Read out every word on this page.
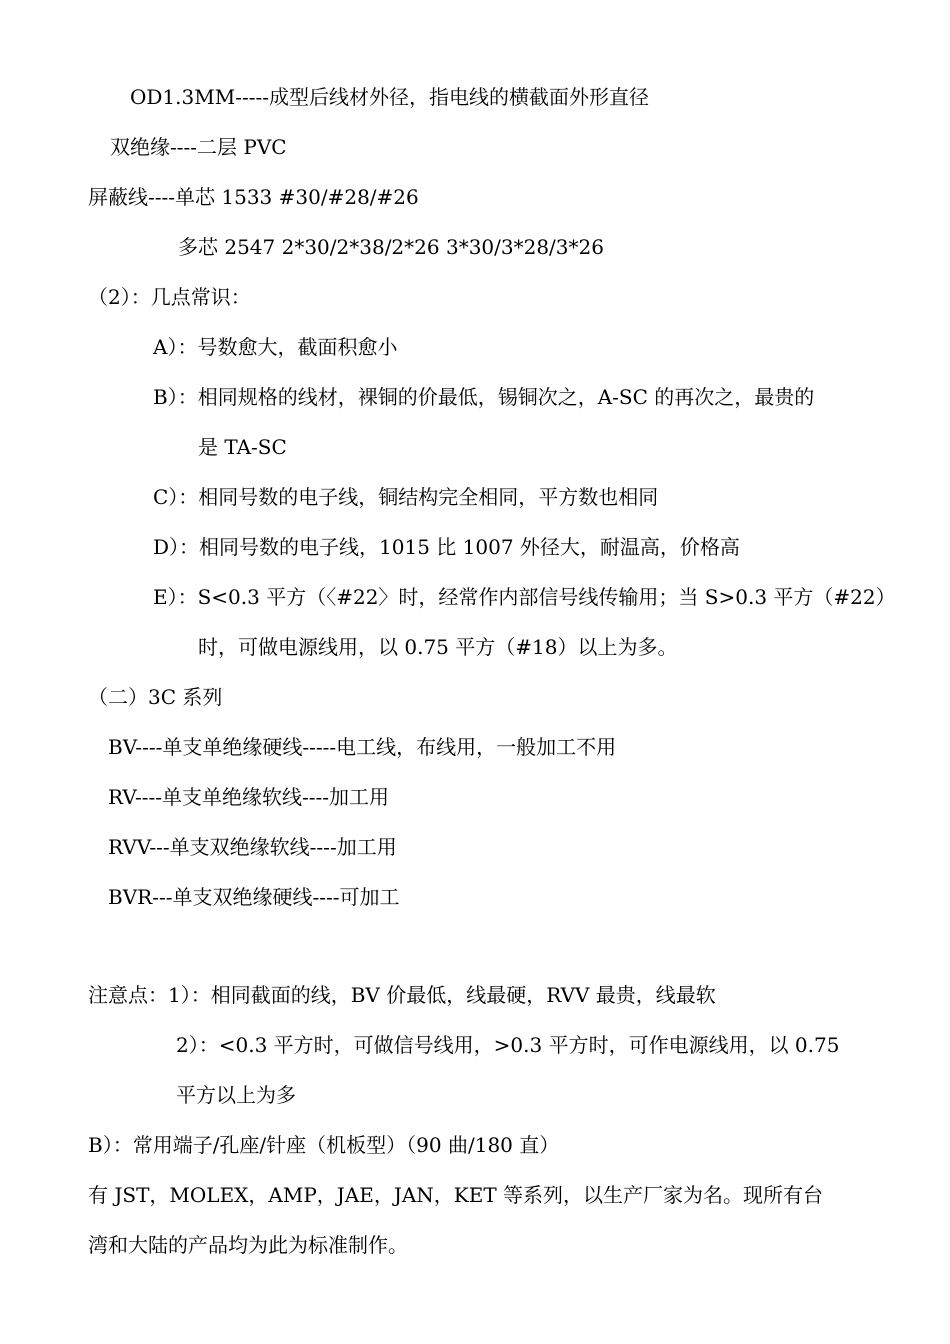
OD1.3MM-----成型后线材外径，指电线的横截面外形直径
双绝缘----二层 PVC
屏蔽线----单芯 1533 #30/#28/#26
多芯 2547 2*30/2*38/2*26 3*30/3*28/3*26
（2）：几点常识：
A）：号数愈大，截面积愈小
B）：相同规格的线材，裸铜的价最低，锡铜次之，A-SC 的再次之，最贵的
是 TA-SC
C）：相同号数的电子线，铜结构完全相同，平方数也相同
D）：相同号数的电子线，1015 比 1007 外径大，耐温高，价格高
E）：S<0.3 平方（〈#22〉时，经常作内部信号线传输用；当 S>0.3 平方（#22）
时，可做电源线用，以 0.75 平方（#18）以上为多。
（二）3C 系列
BV----单支单绝缘硬线-----电工线，布线用，一般加工不用
RV----单支单绝缘软线----加工用
RVV---单支双绝缘软线----加工用
BVR---单支双绝缘硬线----可加工
注意点：1）：相同截面的线，BV 价最低，线最硬，RVV 最贵，线最软
2）：<0.3 平方时，可做信号线用，>0.3 平方时，可作电源线用，以 0.75
平方以上为多
B）：常用端子/孔座/针座（机板型）（90 曲/180 直）
有 JST，MOLEX，AMP，JAE，JAN，KET 等系列，以生产厂家为名。现所有台
湾和大陆的产品均为此为标准制作。
